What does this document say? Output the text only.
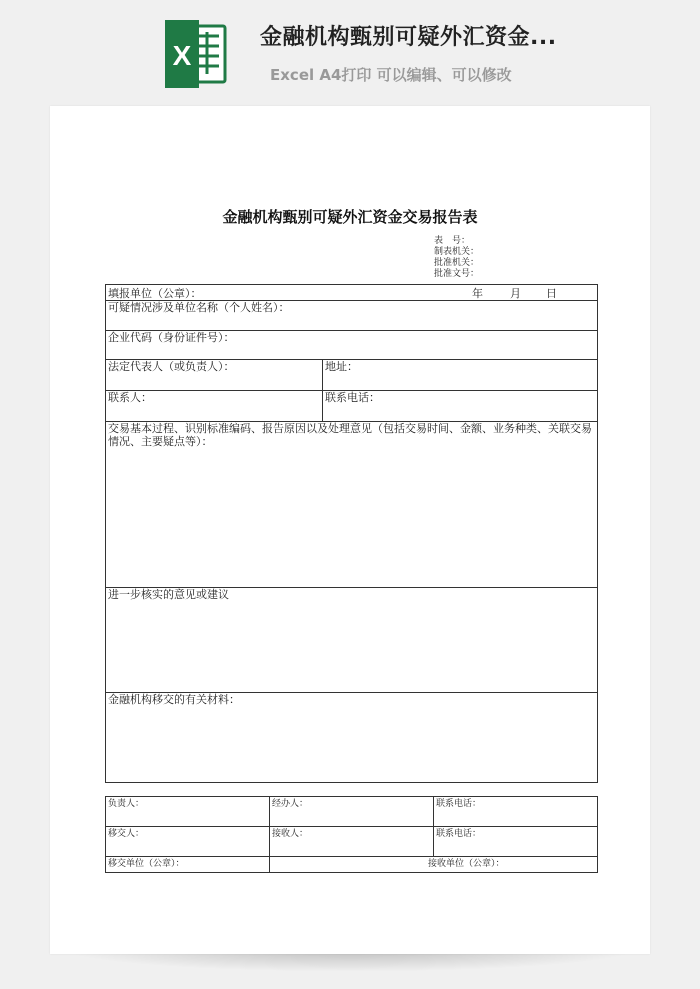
X
金融机构甄别可疑外汇资金...
Excel A4打印 可以编辑、可以修改
金融机构甄别可疑外汇资金交易报告表
表　号：
制表机关：
批准机关：
批准文号：
填报单位（公章）： 年 月 日	

可疑情况涉及单位名称（个人姓名）：	
企业代码（身份证件号）：	
法定代表人（或负责人）：	地址：
联系人：	联系电话：
交易基本过程、识别标准编码、报告原因以及处理意见（包括交易时间、金额、业务种类、关联交易情况、主要疑点等）：	
进一步核实的意见或建议	
金融机构移交的有关材料：	
负责人：	经办人：	联系电话：
移交人：	接收人：	联系电话：
移交单位（公章）：	接收单位（公章）：	
